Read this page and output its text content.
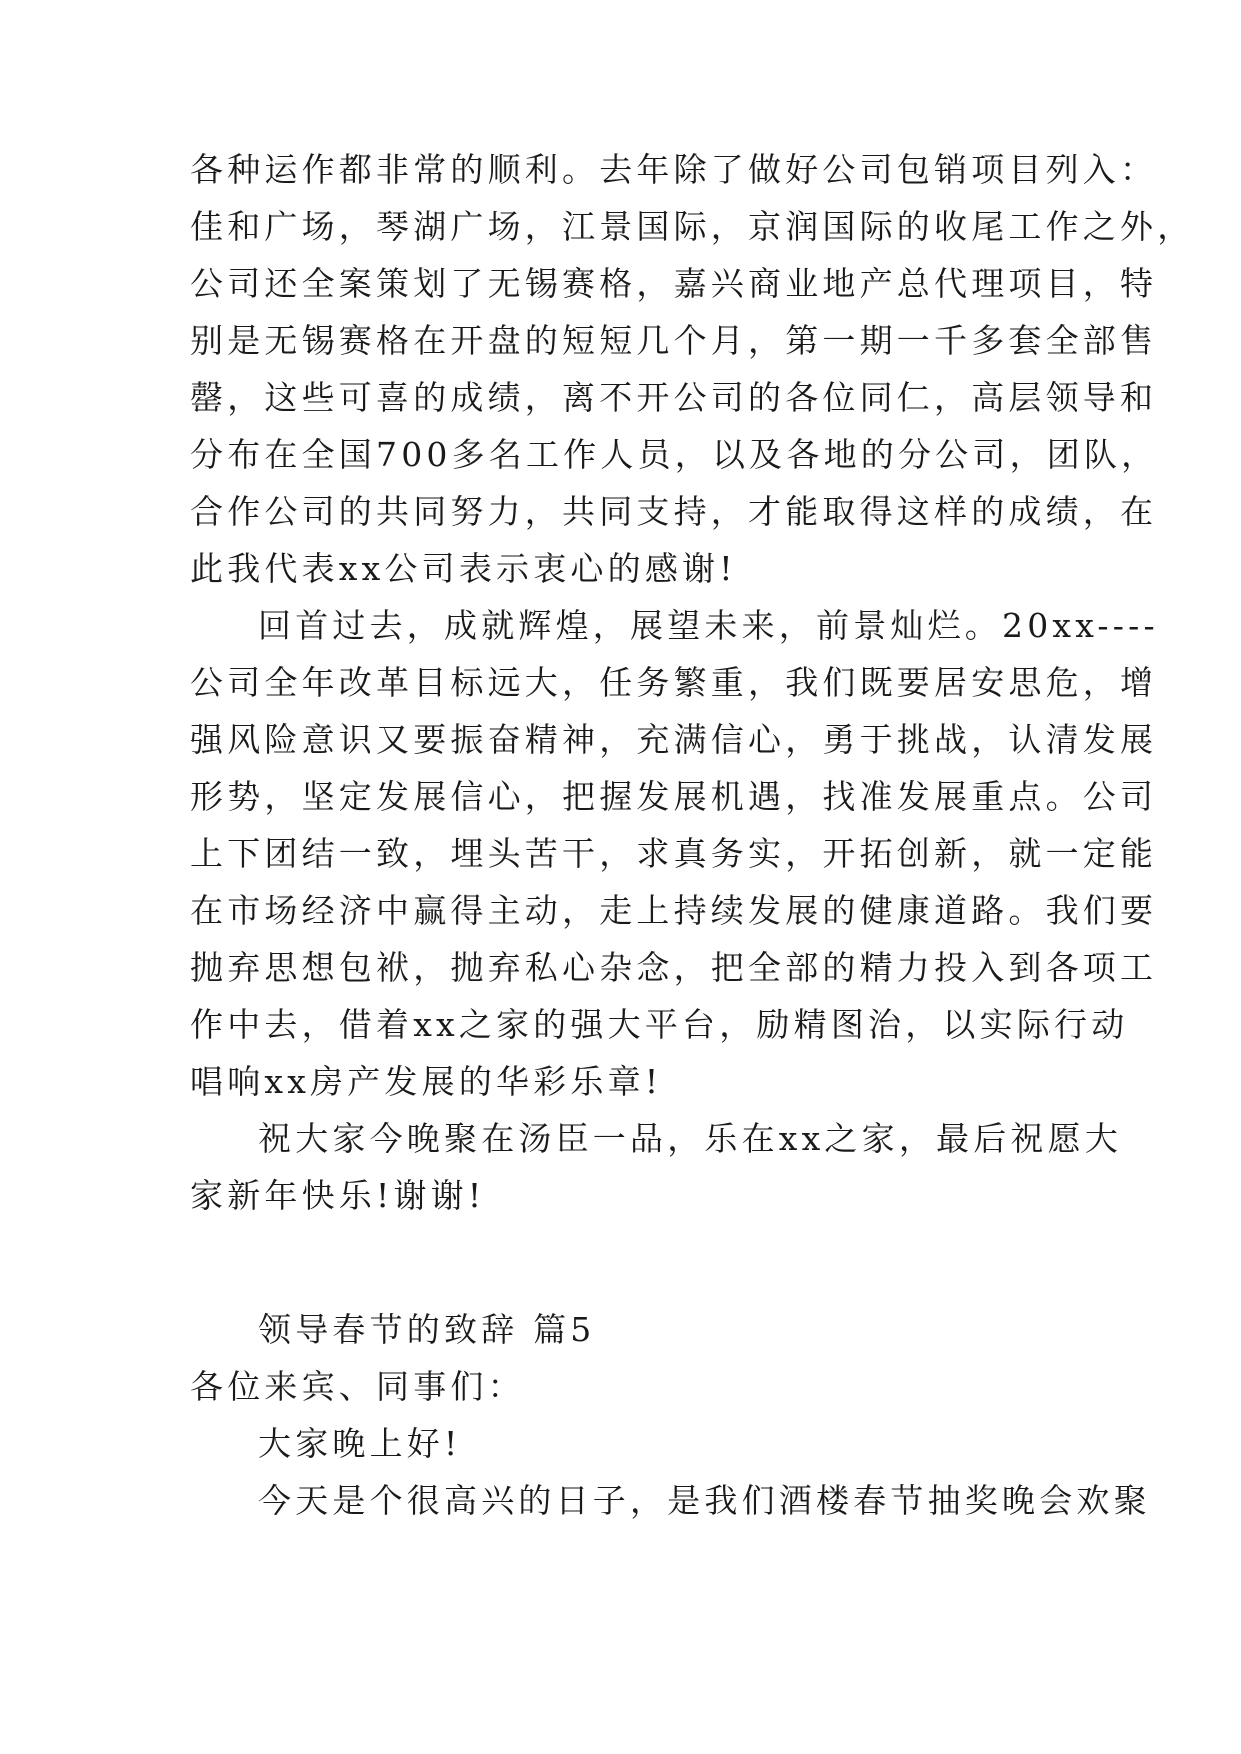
各种运作都非常的顺利。去年除了做好公司包销项目列入：
佳和广场，琴湖广场，江景国际，京润国际的收尾工作之外，
公司还全案策划了无锡赛格，嘉兴商业地产总代理项目，特
别是无锡赛格在开盘的短短几个月，第一期一千多套全部售
罄，这些可喜的成绩，离不开公司的各位同仁，高层领导和
分布在全国700多名工作人员，以及各地的分公司，团队，
合作公司的共同努力，共同支持，才能取得这样的成绩，在
此我代表xx公司表示衷心的感谢!
回首过去，成就辉煌，展望未来，前景灿烂。20xx----
公司全年改革目标远大，任务繁重，我们既要居安思危，增
强风险意识又要振奋精神，充满信心，勇于挑战，认清发展
形势，坚定发展信心，把握发展机遇，找准发展重点。公司
上下团结一致，埋头苦干，求真务实，开拓创新，就一定能
在市场经济中赢得主动，走上持续发展的健康道路。我们要
抛弃思想包袱，抛弃私心杂念，把全部的精力投入到各项工
作中去，借着xx之家的强大平台，励精图治，以实际行动
唱响xx房产发展的华彩乐章!
祝大家今晚聚在汤臣一品，乐在xx之家，最后祝愿大
家新年快乐!谢谢!
领导春节的致辞 篇5
各位来宾、同事们：
大家晚上好!
今天是个很高兴的日子，是我们酒楼春节抽奖晚会欢聚
